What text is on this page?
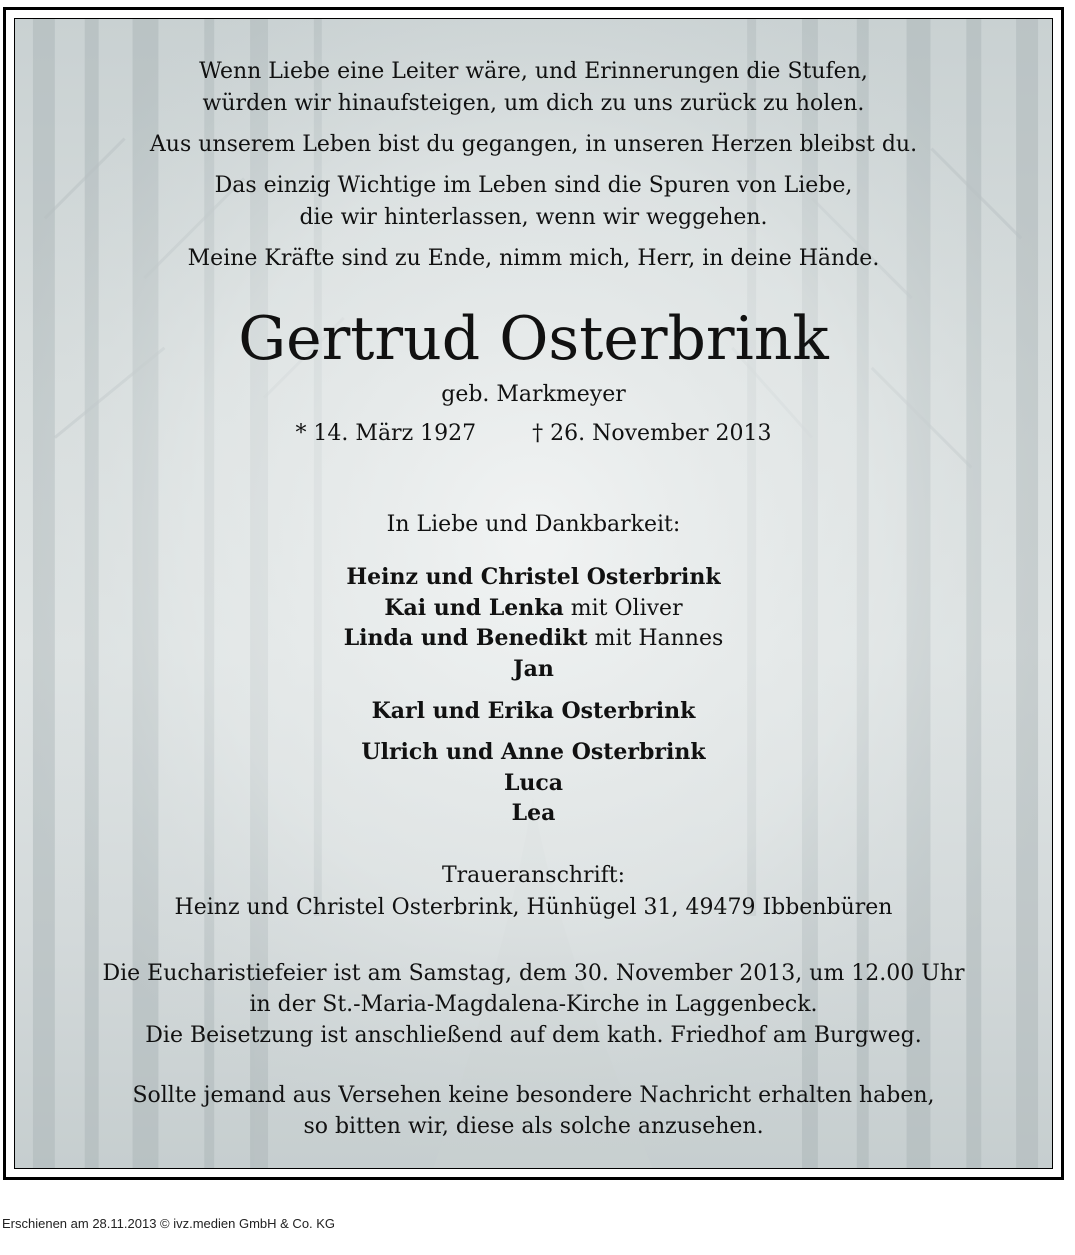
Wenn Liebe eine Leiter wäre, und Erinnerungen die Stufen,
würden wir hinaufsteigen, um dich zu uns zurück zu holen.
Aus unserem Leben bist du gegangen, in unseren Herzen bleibst du.
Das einzig Wichtige im Leben sind die Spuren von Liebe,
die wir hinterlassen, wenn wir weggehen.
Meine Kräfte sind zu Ende, nimm mich, Herr, in deine Hände.
Gertrud Osterbrink
geb. Markmeyer
* 14. März 1927	† 26. November 2013
In Liebe und Dankbarkeit:
Heinz und Christel Osterbrink
Kai und Lenka mit Oliver
Linda und Benedikt mit Hannes
Jan
Karl und Erika Osterbrink
Ulrich und Anne Osterbrink
Luca
Lea
Traueranschrift:
Heinz und Christel Osterbrink, Hünhügel 31, 49479 Ibbenbüren
Die Eucharistiefeier ist am Samstag, dem 30. November 2013, um 12.00 Uhr
in der St.-Maria-Magdalena-Kirche in Laggenbeck.
Die Beisetzung ist anschließend auf dem kath. Friedhof am Burgweg.
Sollte jemand aus Versehen keine besondere Nachricht erhalten haben,
so bitten wir, diese als solche anzusehen.
Erschienen am 28.11.2013 © ivz.medien GmbH & Co. KG
